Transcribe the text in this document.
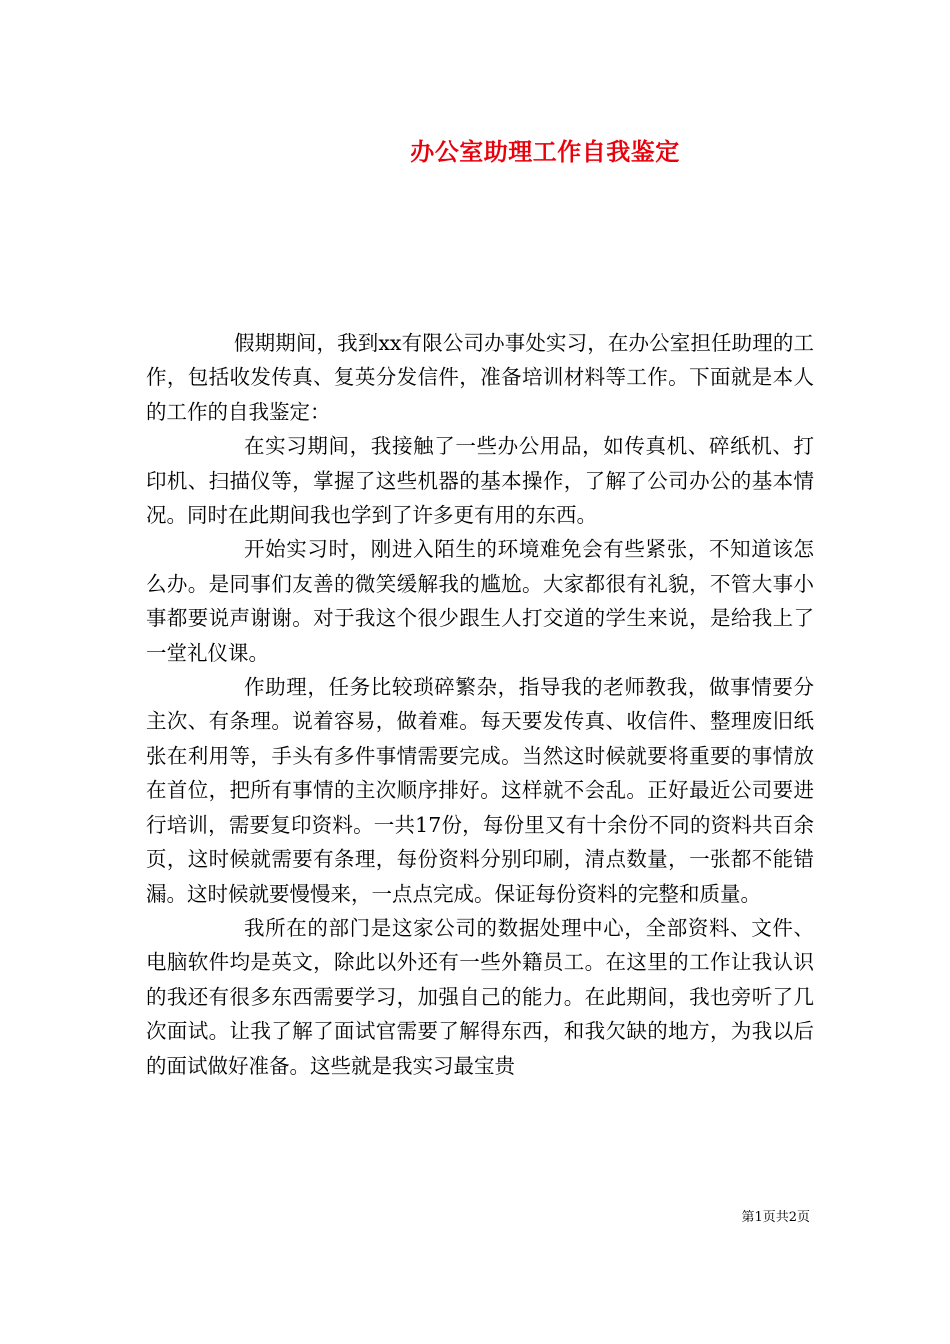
办公室助理工作自我鉴定

假期期间，我到xx有限公司办事处实习，在办公室担任助理的工作，包括收发传真、复英分发信件，准备培训材料等工作。下面就是本人的工作的自我鉴定：

在实习期间，我接触了一些办公用品，如传真机、碎纸机、打印机、扫描仪等，掌握了这些机器的基本操作，了解了公司办公的基本情况。同时在此期间我也学到了许多更有用的东西。

开始实习时，刚进入陌生的环境难免会有些紧张，不知道该怎么办。是同事们友善的微笑缓解我的尴尬。大家都很有礼貌，不管大事小事都要说声谢谢。对于我这个很少跟生人打交道的学生来说，是给我上了一堂礼仪课。

作助理，任务比较琐碎繁杂，指导我的老师教我，做事情要分主次、有条理。说着容易，做着难。每天要发传真、收信件、整理废旧纸张在利用等，手头有多件事情需要完成。当然这时候就要将重要的事情放在首位，把所有事情的主次顺序排好。这样就不会乱。正好最近公司要进行培训，需要复印资料。一共17份，每份里又有十余份不同的资料共百余页，这时候就需要有条理，每份资料分别印刷，清点数量，一张都不能错漏。这时候就要慢慢来，一点点完成。保证每份资料的完整和质量。

我所在的部门是这家公司的数据处理中心，全部资料、文件、电脑软件均是英文，除此以外还有一些外籍员工。在这里的工作让我认识的我还有很多东西需要学习，加强自己的能力。在此期间，我也旁听了几次面试。让我了解了面试官需要了解得东西，和我欠缺的地方，为我以后的面试做好准备。这些就是我实习最宝贵

第1页共2页
